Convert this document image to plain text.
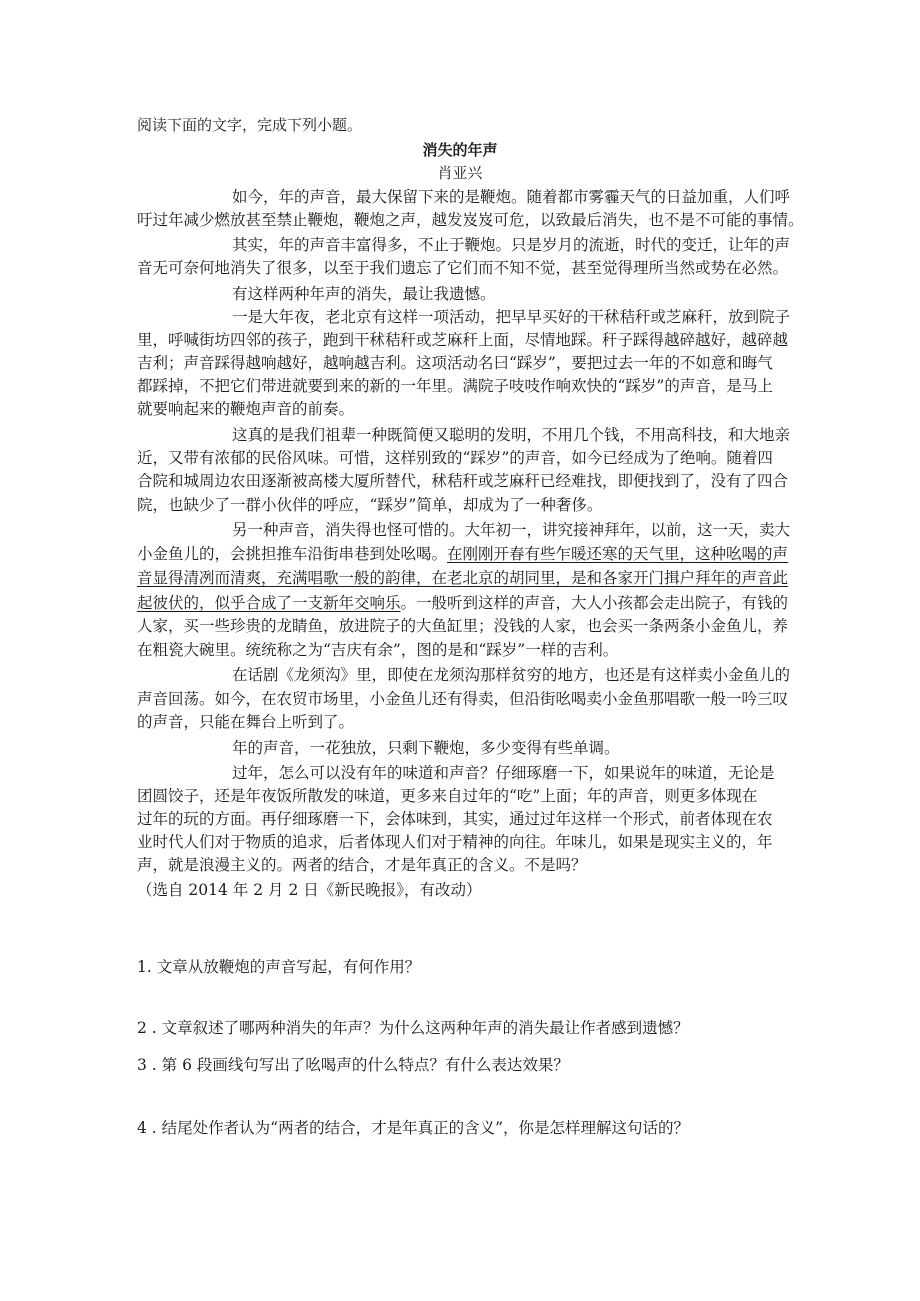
阅读下面的文字，完成下列小题。
消失的年声
肖亚兴
如今，年的声音，最大保留下来的是鞭炮。随着都市雾霾天气的日益加重，人们呼
吁过年减少燃放甚至禁止鞭炮，鞭炮之声，越发岌岌可危，以致最后消失，也不是不可能的事情。
其实，年的声音丰富得多，不止于鞭炮。只是岁月的流逝，时代的变迁，让年的声
音无可奈何地消失了很多，以至于我们遗忘了它们而不知不觉，甚至觉得理所当然或势在必然。
有这样两种年声的消失，最让我遗憾。
一是大年夜，老北京有这样一项活动，把早早买好的干秫秸秆或芝麻秆，放到院子
里，呼喊街坊四邻的孩子，跑到干秫秸秆或芝麻秆上面，尽情地踩。秆子踩得越碎越好，越碎越
吉利；声音踩得越响越好，越响越吉利。这项活动名曰“踩岁”，要把过去一年的不如意和晦气
都踩掉，不把它们带进就要到来的新的一年里。满院子吱吱作响欢快的“踩岁”的声音，是马上
就要响起来的鞭炮声音的前奏。
这真的是我们祖辈一种既简便又聪明的发明，不用几个钱，不用高科技，和大地亲
近，又带有浓郁的民俗风味。可惜，这样别致的“踩岁”的声音，如今已经成为了绝响。随着四
合院和城周边农田逐渐被高楼大厦所替代，秫秸秆或芝麻秆已经难找，即便找到了，没有了四合
院，也缺少了一群小伙伴的呼应，“踩岁”简单，却成为了一种奢侈。
另一种声音，消失得也怪可惜的。大年初一，讲究接神拜年，以前，这一天，卖大
小金鱼儿的，会挑担推车沿街串巷到处吆喝。在刚刚开春有些乍暖还寒的天气里，这种吆喝的声
音显得清冽而清爽，充满唱歌一般的韵律，在老北京的胡同里，是和各家开门揖户拜年的声音此
起彼伏的，似乎合成了一支新年交响乐。一般听到这样的声音，大人小孩都会走出院子，有钱的
人家，买一些珍贵的龙睛鱼，放进院子的大鱼缸里；没钱的人家，也会买一条两条小金鱼儿，养
在粗瓷大碗里。统统称之为“吉庆有余”，图的是和“踩岁”一样的吉利。
在话剧《龙须沟》里，即使在龙须沟那样贫穷的地方，也还是有这样卖小金鱼儿的
声音回荡。如今，在农贸市场里，小金鱼儿还有得卖，但沿街吆喝卖小金鱼那唱歌一般一吟三叹
的声音，只能在舞台上听到了。
年的声音，一花独放，只剩下鞭炮，多少变得有些单调。
过年，怎么可以没有年的味道和声音？仔细琢磨一下，如果说年的味道，无论是
团圆饺子，还是年夜饭所散发的味道，更多来自过年的“吃”上面；年的声音，则更多体现在
过年的玩的方面。再仔细琢磨一下，会体味到，其实，通过过年这样一个形式，前者体现在农
业时代人们对于物质的追求，后者体现人们对于精神的向往。年味儿，如果是现实主义的，年
声，就是浪漫主义的。两者的结合，才是年真正的含义。不是吗？
（选自 2014 年 2 月 2 日《新民晚报》，有改动）
1. 文章从放鞭炮的声音写起，有何作用？
2 . 文章叙述了哪两种消失的年声？为什么这两种年声的消失最让作者感到遗憾？
3 . 第 6 段画线句写出了吆喝声的什么特点？有什么表达效果？
4 . 结尾处作者认为“两者的结合，才是年真正的含义”，你是怎样理解这句话的？
